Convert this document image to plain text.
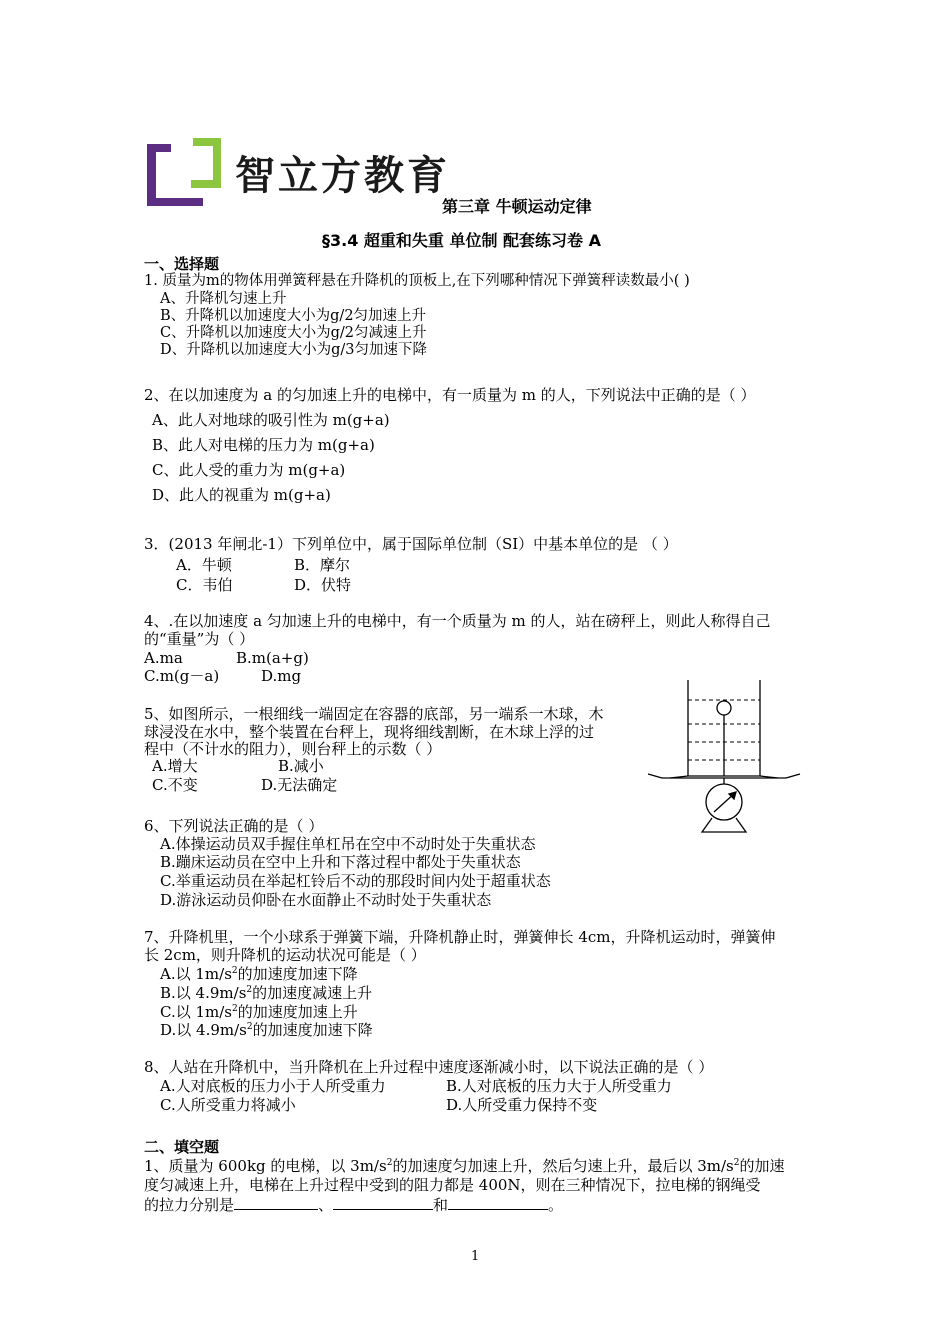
智立方教育
第三章 牛顿运动定律
§3.4 超重和失重 单位制 配套练习卷 A
一、选择题
1. 质量为m的物体用弹簧秤悬在升降机的顶板上,在下列哪种情况下弹簧秤读数最小( )
A、升降机匀速上升
B、升降机以加速度大小为g/2匀加速上升
C、升降机以加速度大小为g/2匀减速上升
D、升降机以加速度大小为g/3匀加速下降
2、在以加速度为 a 的匀加速上升的电梯中，有一质量为 m 的人，下列说法中正确的是（ ）
A、此人对地球的吸引性为 m(g+a)
B、此人对电梯的压力为 m(g+a)
C、此人受的重力为 m(g+a)
D、此人的视重为 m(g+a)
3．(2013 年闸北-1）下列单位中，属于国际单位制（SI）中基本单位的是 （ ）
A．牛顿	B．摩尔
C．韦伯	D．伏特
4、.在以加速度 a 匀加速上升的电梯中，有一个质量为 m 的人，站在磅秤上，则此人称得自己
的“重量”为（ ）
A.ma	B.m(a+g)
C.m(g－a)	D.mg
5、如图所示，一根细线一端固定在容器的底部，另一端系一木球，木
球浸没在水中，整个装置在台秤上，现将细线割断，在木球上浮的过
程中（不计水的阻力），则台秤上的示数（ ）
A.增大	B.减小
C.不变	D.无法确定
6、下列说法正确的是（ ）
A.体操运动员双手握住单杠吊在空中不动时处于失重状态
B.蹦床运动员在空中上升和下落过程中都处于失重状态
C.举重运动员在举起杠铃后不动的那段时间内处于超重状态
D.游泳运动员仰卧在水面静止不动时处于失重状态
7、升降机里，一个小球系于弹簧下端，升降机静止时，弹簧伸长 4cm，升降机运动时，弹簧伸
长 2cm，则升降机的运动状况可能是（ ）
A.以 $1m/s^2$的加速度加速下降
B.以 $4.9m/s^2$的加速度减速上升
C.以 $1m/s^2$的加速度加速上升
D.以 $4.9m/s^2$的加速度加速下降
8、人站在升降机中，当升降机在上升过程中速度逐渐减小时，以下说法正确的是（ ）
A.人对底板的压力小于人所受重力	B.人对底板的压力大于人所受重力
C.人所受重力将减小	D.人所受重力保持不变
二、填空题
1、质量为 600kg 的电梯，以 $3m/s^2$的加速度匀加速上升，然后匀速上升，最后以 $3m/s^2$的加速
度匀减速上升，电梯在上升过程中受到的阻力都是 400N，则在三种情况下，拉电梯的钢绳受
的拉力分别是	、	和	。
1
